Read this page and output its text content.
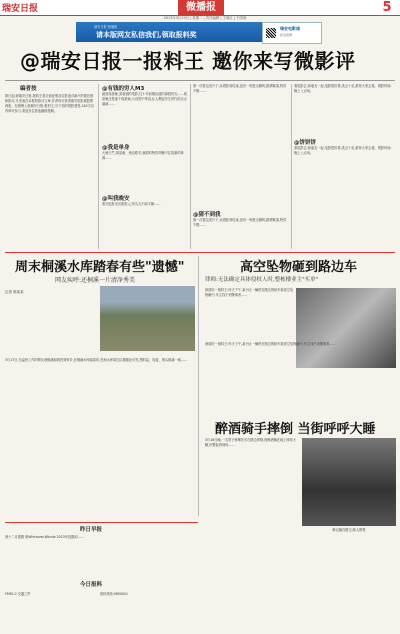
瑞安日报	微播报	5
2013年3月19日 | 星期二 | 责任编辑 | 王晓红 | 于国涛
瑞安日报 微播报
请本版网友私信我们,领取报料奖
瑞安电影城
新浪微博
@瑞安日报一报料王 邀你来写微影评
编者按
即日起,@瑞安日报-报料王将全面征集各位影迷对新片的观后感和影评,凡发表在本报的影评文章,作者均可获得瑞安电影城影票两张。在微博上@瑞安日报-报料王,写下你的观影感受,140字以内即可参与,欢迎各位影迷踊跃投稿。
@有钱的穷人M3
最爱周星驰,喜欢他的电影,往十年前刚出道的那段时光……周星驰还是那个周星驰,台词笑中带泪,让人想起学生时代的点点滴滴……
@我是单身
大闹天竺,周星驰、徐克联手,满屏的特效却掩不住故事的单薄……
@叫我晚安
看完电影走出影院,心里久久不能平静……
第一次看这类片子,从观影到结束,没有一刻是无聊的,剧情紧凑,特效不错……
@猜不到我
第一次看这类片子,从观影到结束,没有一刻是无聊的,剧情紧凑,特效不错……
看电影去,和朋友一起,电影很好看,笑点十足,推荐大家去看。观影时间:晚上八点场。
@饼饼饼
看电影去,和朋友一起,电影很好看,笑点十足,推荐大家去看。观影时间:晚上八点场。
周末桐溪水库踏春有些"遗憾"
网友疾呼:还桐溪一片清净秀美
记者 陈某某
3月17日,在温州工作的网友@桐溪和我回到家乡,在桐溪水库踏春时,发现水库周边垃圾随处可见,塑料袋、饭盒、烟头散落一地……
高空坠物砸到路边车
律师:无法确定具体侵权人时,整栋楼业主"买单"
@瑞安一报料王:昨天下午,某小区一辆停在路边的轿车被高空坠物砸中,车主找不到肇事者……
@瑞安一报料王:昨天下午,某小区一辆停在路边的轿车被高空坠物砸中,车主找不到肇事者……
醉酒骑手摔倒 当街呼呼大睡
3月16日晚,一名男子骑摩托车在路边摔倒,因醉酒躺在地上呼呼大睡,民警赶到现场……
醉汉躺在路边,路人围观
昨日早报
@十二月建德 @Whirarzer-Winnie 2013年拍摄到......
今日报料
FM91.0 交通之声	报料热线:5850001
